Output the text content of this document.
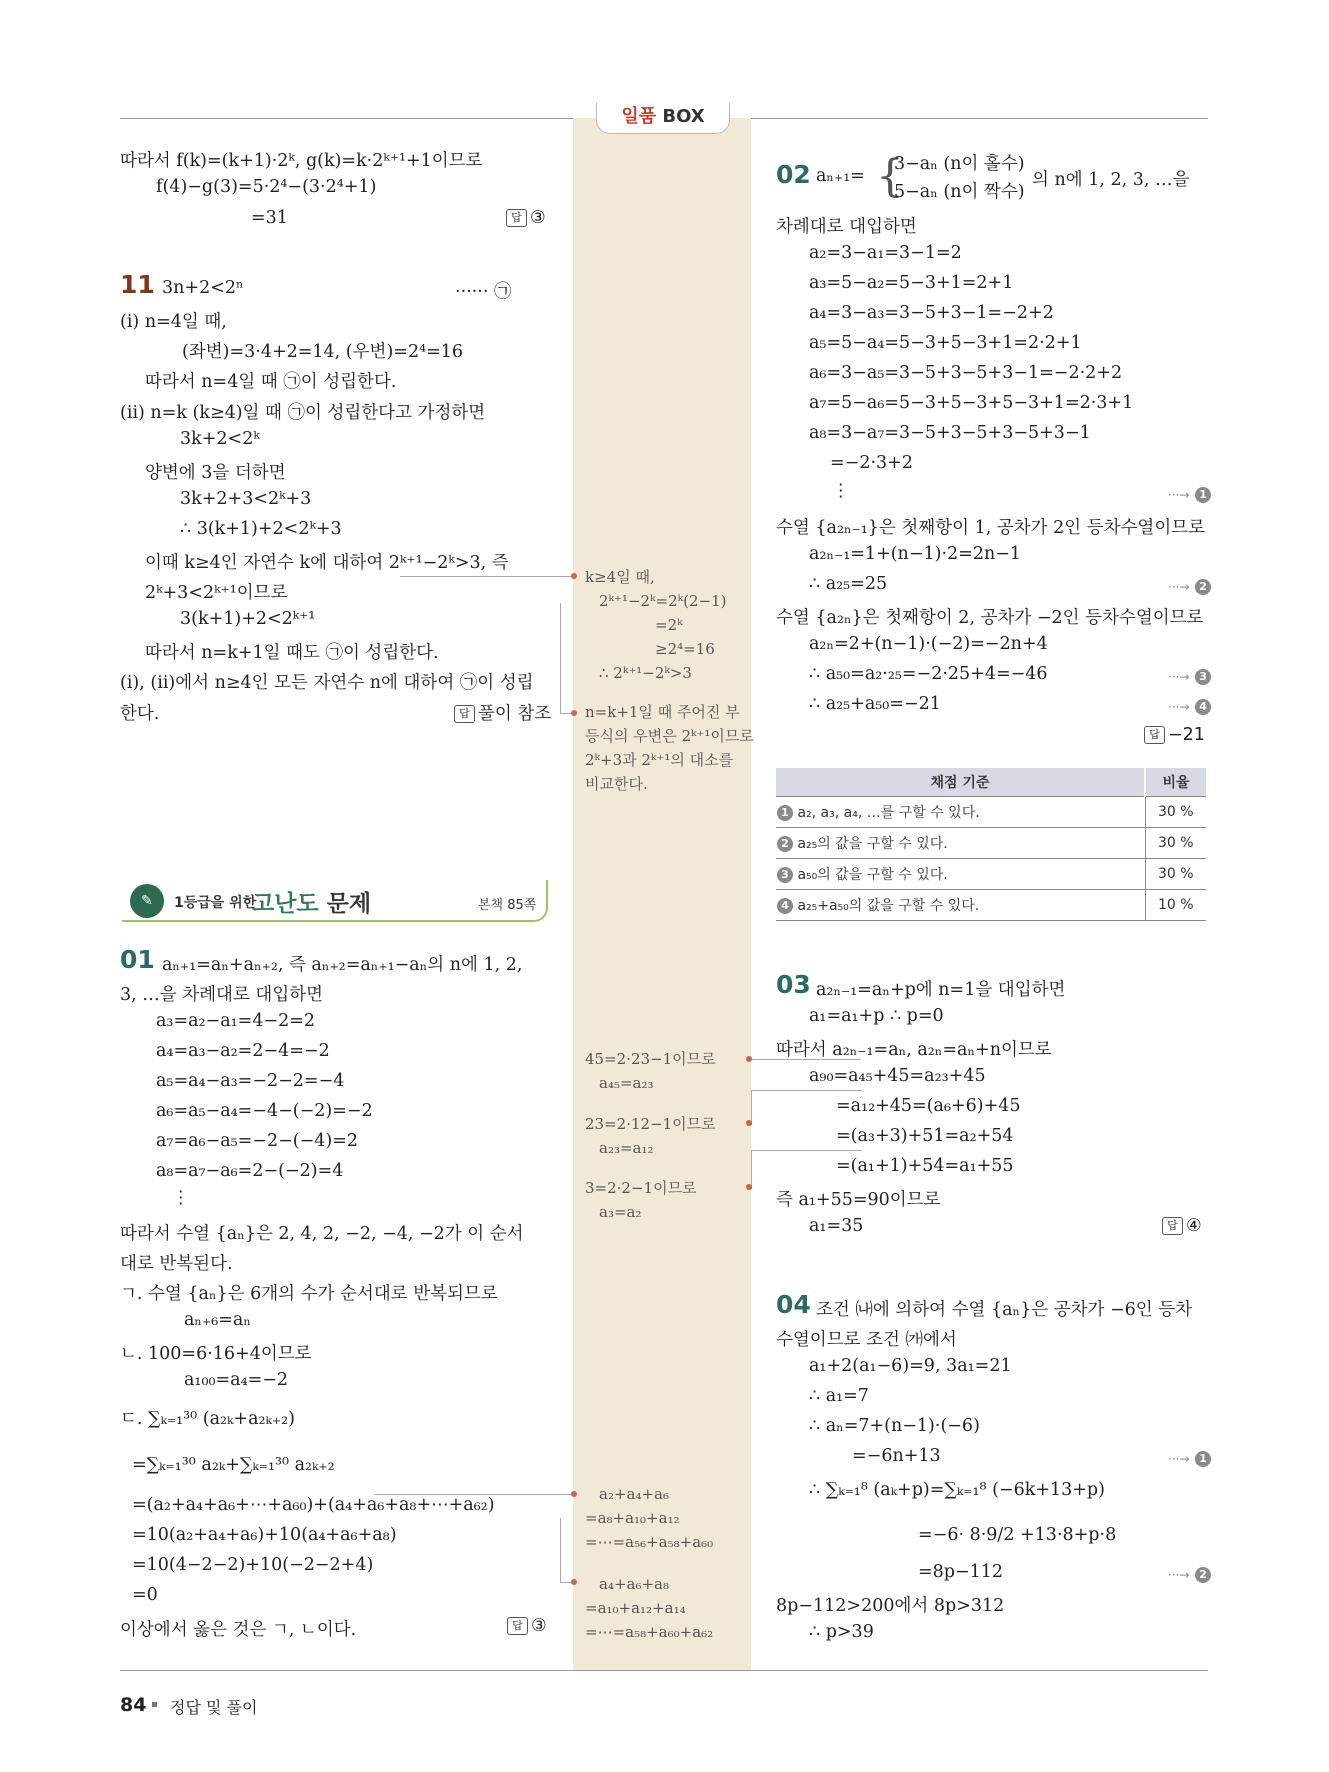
일품 BOX
따라서 f(k)=(k+1)·2ᵏ, g(k)=k·2ᵏ⁺¹+1이므로
f(4)−g(3)=5·2⁴−(3·2⁴+1)
=31	답 ③
11 3n+2<2ⁿ	······ ㉠
(ⅰ) n=4일 때,
(좌변)=3·4+2=14, (우변)=2⁴=16
따라서 n=4일 때 ㉠이 성립한다.
(ⅱ) n=k (k≥4)일 때 ㉠이 성립한다고 가정하면
3k+2<2ᵏ
양변에 3을 더하면
3k+2+3<2ᵏ+3
∴ 3(k+1)+2<2ᵏ+3
이때 k≥4인 자연수 k에 대하여 2ᵏ⁺¹−2ᵏ>3, 즉
2ᵏ+3<2ᵏ⁺¹이므로
3(k+1)+2<2ᵏ⁺¹
따라서 n=k+1일 때도 ㉠이 성립한다.
(ⅰ), (ⅱ)에서 n≥4인 모든 자연수 n에 대하여 ㉠이 성립
한다.	답 풀이 참조
✎	1등급을 위한
고난도 문제	본책 85쪽
01 aₙ₊₁=aₙ+aₙ₊₂, 즉 aₙ₊₂=aₙ₊₁−aₙ의 n에 1, 2,
3, …을 차례대로 대입하면
a₃=a₂−a₁=4−2=2
a₄=a₃−a₂=2−4=−2
a₅=a₄−a₃=−2−2=−4
a₆=a₅−a₄=−4−(−2)=−2
a₇=a₆−a₅=−2−(−4)=2
a₈=a₇−a₆=2−(−2)=4
⋮
따라서 수열 {aₙ}은 2, 4, 2, −2, −4, −2가 이 순서
대로 반복된다.
ㄱ. 수열 {aₙ}은 6개의 수가 순서대로 반복되므로
aₙ₊₆=aₙ
ㄴ. 100=6·16+4이므로
a₁₀₀=a₄=−2
ㄷ. ∑ₖ₌₁³⁰ (a₂ₖ+a₂ₖ₊₂)
=∑ₖ₌₁³⁰ a₂ₖ+∑ₖ₌₁³⁰ a₂ₖ₊₂
=(a₂+a₄+a₆+⋯+a₆₀)+(a₄+a₆+a₈+⋯+a₆₂)
=10(a₂+a₄+a₆)+10(a₄+a₆+a₈)
=10(4−2−2)+10(−2−2+4)
=0
이상에서 옳은 것은 ㄱ, ㄴ이다.	답 ③
k≥4일 때,
2ᵏ⁺¹−2ᵏ=2ᵏ(2−1)
=2ᵏ
≥2⁴=16
∴ 2ᵏ⁺¹−2ᵏ>3
n=k+1일 때 주어진 부
등식의 우변은 2ᵏ⁺¹이므로
2ᵏ+3과 2ᵏ⁺¹의 대소를
비교한다.
45=2·23−1이므로
a₄₅=a₂₃
23=2·12−1이므로
a₂₃=a₁₂
3=2·2−1이므로
a₃=a₂
a₂+a₄+a₆
=a₈+a₁₀+a₁₂
=⋯=a₅₆+a₅₈+a₆₀
a₄+a₆+a₈
=a₁₀+a₁₂+a₁₄
=⋯=a₅₈+a₆₀+a₆₂
02 aₙ₊₁= {
3−aₙ (n이 홀수)
5−aₙ (n이 짝수)
의 n에 1, 2, 3, …을
차례대로 대입하면
a₂=3−a₁=3−1=2
a₃=5−a₂=5−3+1=2+1
a₄=3−a₃=3−5+3−1=−2+2
a₅=5−a₄=5−3+5−3+1=2·2+1
a₆=3−a₅=3−5+3−5+3−1=−2·2+2
a₇=5−a₆=5−3+5−3+5−3+1=2·3+1
a₈=3−a₇=3−5+3−5+3−5+3−1
=−2·3+2
⋮	···→ 1
수열 {a₂ₙ₋₁}은 첫째항이 1, 공차가 2인 등차수열이므로
a₂ₙ₋₁=1+(n−1)·2=2n−1
∴ a₂₅=25	···→ 2
수열 {a₂ₙ}은 첫째항이 2, 공차가 −2인 등차수열이므로
a₂ₙ=2+(n−1)·(−2)=−2n+4
∴ a₅₀=a₂·₂₅=−2·25+4=−46	···→ 3
∴ a₂₅+a₅₀=−21	···→ 4
답 −21
채점 기준	비율
1 a₂, a₃, a₄, …를 구할 수 있다.	30 %
2 a₂₅의 값을 구할 수 있다.	30 %
3 a₅₀의 값을 구할 수 있다.	30 %
4 a₂₅+a₅₀의 값을 구할 수 있다.	10 %
03 a₂ₙ₋₁=aₙ+p에 n=1을 대입하면
a₁=a₁+p ∴ p=0
따라서 a₂ₙ₋₁=aₙ, a₂ₙ=aₙ+n이므로
a₉₀=a₄₅+45=a₂₃+45
=a₁₂+45=(a₆+6)+45
=(a₃+3)+51=a₂+54
=(a₁+1)+54=a₁+55
즉 a₁+55=90이므로
a₁=35	답 ④
04 조건 ㈏에 의하여 수열 {aₙ}은 공차가 −6인 등차
수열이므로 조건 ㈎에서
a₁+2(a₁−6)=9, 3a₁=21
∴ a₁=7
∴ aₙ=7+(n−1)·(−6)
=−6n+13	···→ 1
∴ ∑ₖ₌₁⁸ (aₖ+p)=∑ₖ₌₁⁸ (−6k+13+p)
=−6· 8·9/2 +13·8+p·8
=8p−112	···→ 2
8p−112>200에서 8p>312
∴ p>39
84 정답 및 풀이
